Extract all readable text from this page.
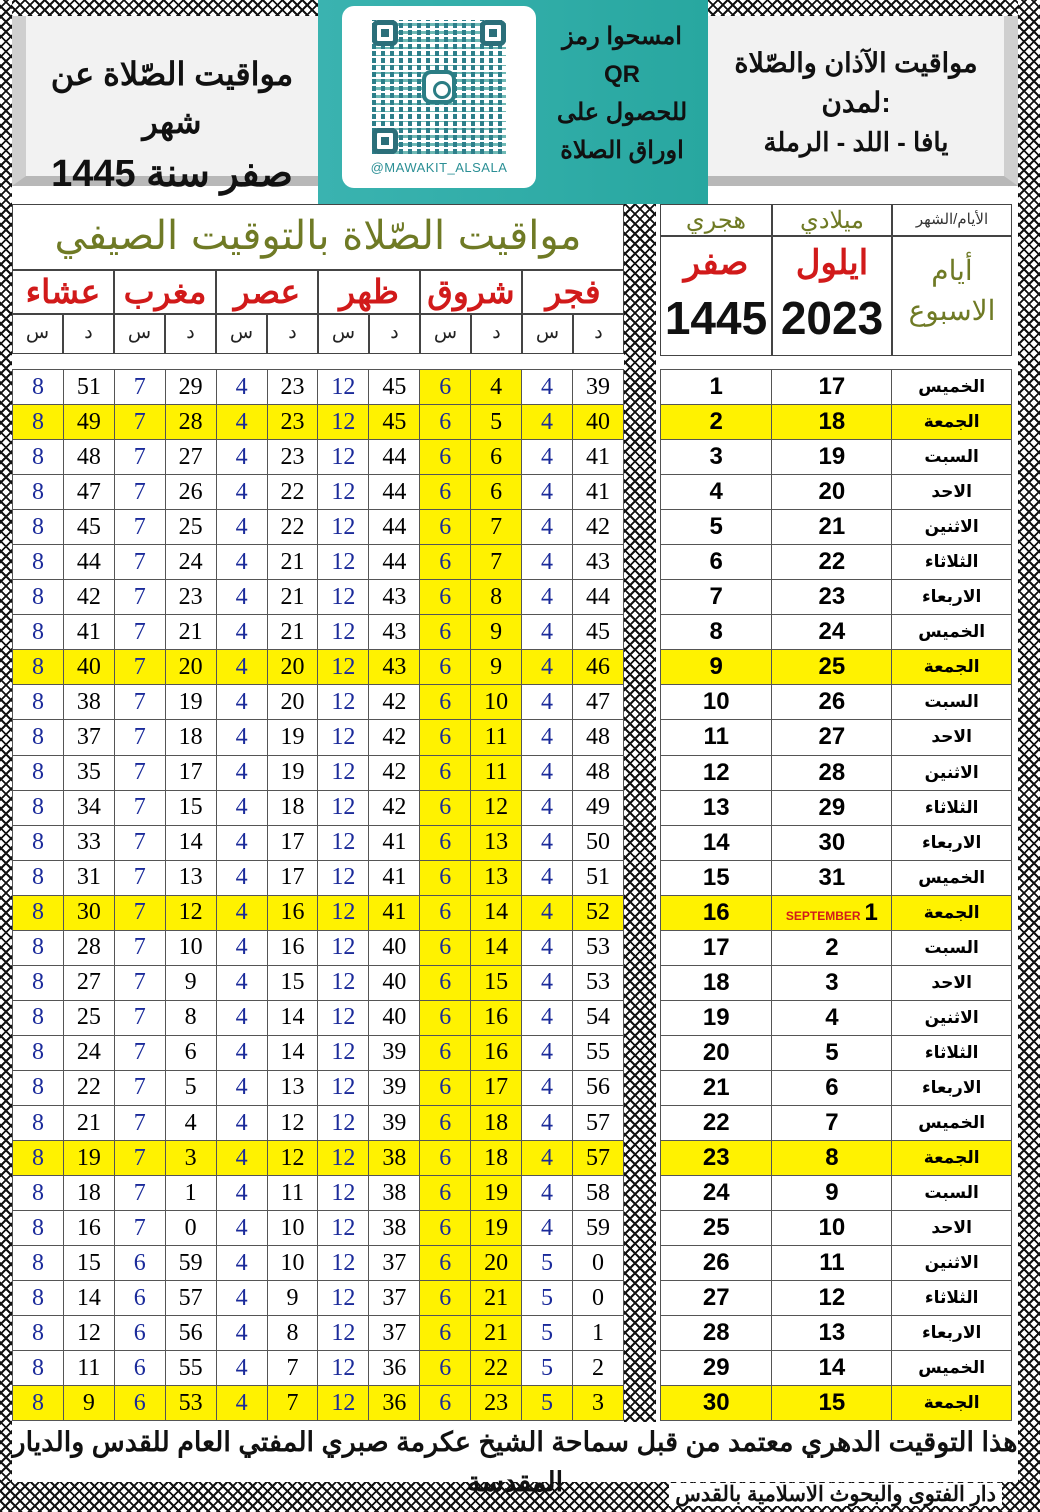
مواقيت الصّلاة عن شهر
صفر سنة 1445	@MAWAKIT_ALSALA
امسحوا رمز
QR
للحصول على
اوراق الصلاة
مواقيت الآذان والصّلاة
لمدن:
يافا - اللد - الرملة
مواقيت الصّلاة بالتوقيت الصيفي
عشاء مغرب عصر	ظهر شروق فجر
س	د	س	د	س	د	س	د	س	د	س	د
8	51	7	29	4	23	12	45	6	4	4	39
8	49	7	28	4	23	12	45	6	5	4	40
8	48	7	27	4	23	12	44	6	6	4	41
8	47	7	26	4	22	12	44	6	6	4	41
8	45	7	25	4	22	12	44	6	7	4	42
8	44	7	24	4	21	12	44	6	7	4	43
8	42	7	23	4	21	12	43	6	8	4	44
8	41	7	21	4	21	12	43	6	9	4	45
8	40	7	20	4	20	12	43	6	9	4	46
8	38	7	19	4	20	12	42	6	10	4	47
8	37	7	18	4	19	12	42	6	11	4	48
8	35	7	17	4	19	12	42	6	11	4	48
8	34	7	15	4	18	12	42	6	12	4	49
8	33	7	14	4	17	12	41	6	13	4	50
8	31	7	13	4	17	12	41	6	13	4	51
8	30	7	12	4	16	12	41	6	14	4	52
8	28	7	10	4	16	12	40	6	14	4	53
8	27	7	9	4	15	12	40	6	15	4	53
8	25	7	8	4	14	12	40	6	16	4	54
8	24	7	6	4	14	12	39	6	16	4	55
8	22	7	5	4	13	12	39	6	17	4	56
8	21	7	4	4	12	12	39	6	18	4	57
8	19	7	3	4	12	12	38	6	18	4	57
8	18	7	1	4	11	12	38	6	19	4	58
8	16	7	0	4	10	12	38	6	19	4	59
8	15	6	59	4	10	12	37	6	20	5	0
8	14	6	57	4	9	12	37	6	21	5	0
8	12	6	56	4	8	12	37	6	21	5	1
8	11	6	55	4	7	12	36	6	22	5	2
8	9	6	53	4	7	12	36	6	23	5	3
الأيام/الشهر
ميلادي
هجري
أيام الاسبوع
ايلول
2023
صفر
1445
1	17	الخميس
2	18	الجمعة
3	19	السبت
4	20	الاحد
5	21	الاثنين
6	22	الثلاثاء
7	23	الاربعاء
8	24	الخميس
9	25	الجمعة
10	26	السبت
11	27	الاحد
12	28	الاثنين
13	29	الثلاثاء
14	30	الاربعاء
15	31	الخميس
16	SEPTEMBER 1	الجمعة
17	2	السبت
18	3	الاحد
19	4	الاثنين
20	5	الثلاثاء
21	6	الاربعاء
22	7	الخميس
23	8	الجمعة
24	9	السبت
25	10	الاحد
26	11	الاثنين
27	12	الثلاثاء
28	13	الاربعاء
29	14	الخميس
30	15	الجمعة
هذا التوقيت الدهري معتمد من قبل سماحة الشيخ عكرمة صبري المفتي العام للقدس والديار المقدسة	دار الفتوى والبحوث الاسلامية بالقدس
